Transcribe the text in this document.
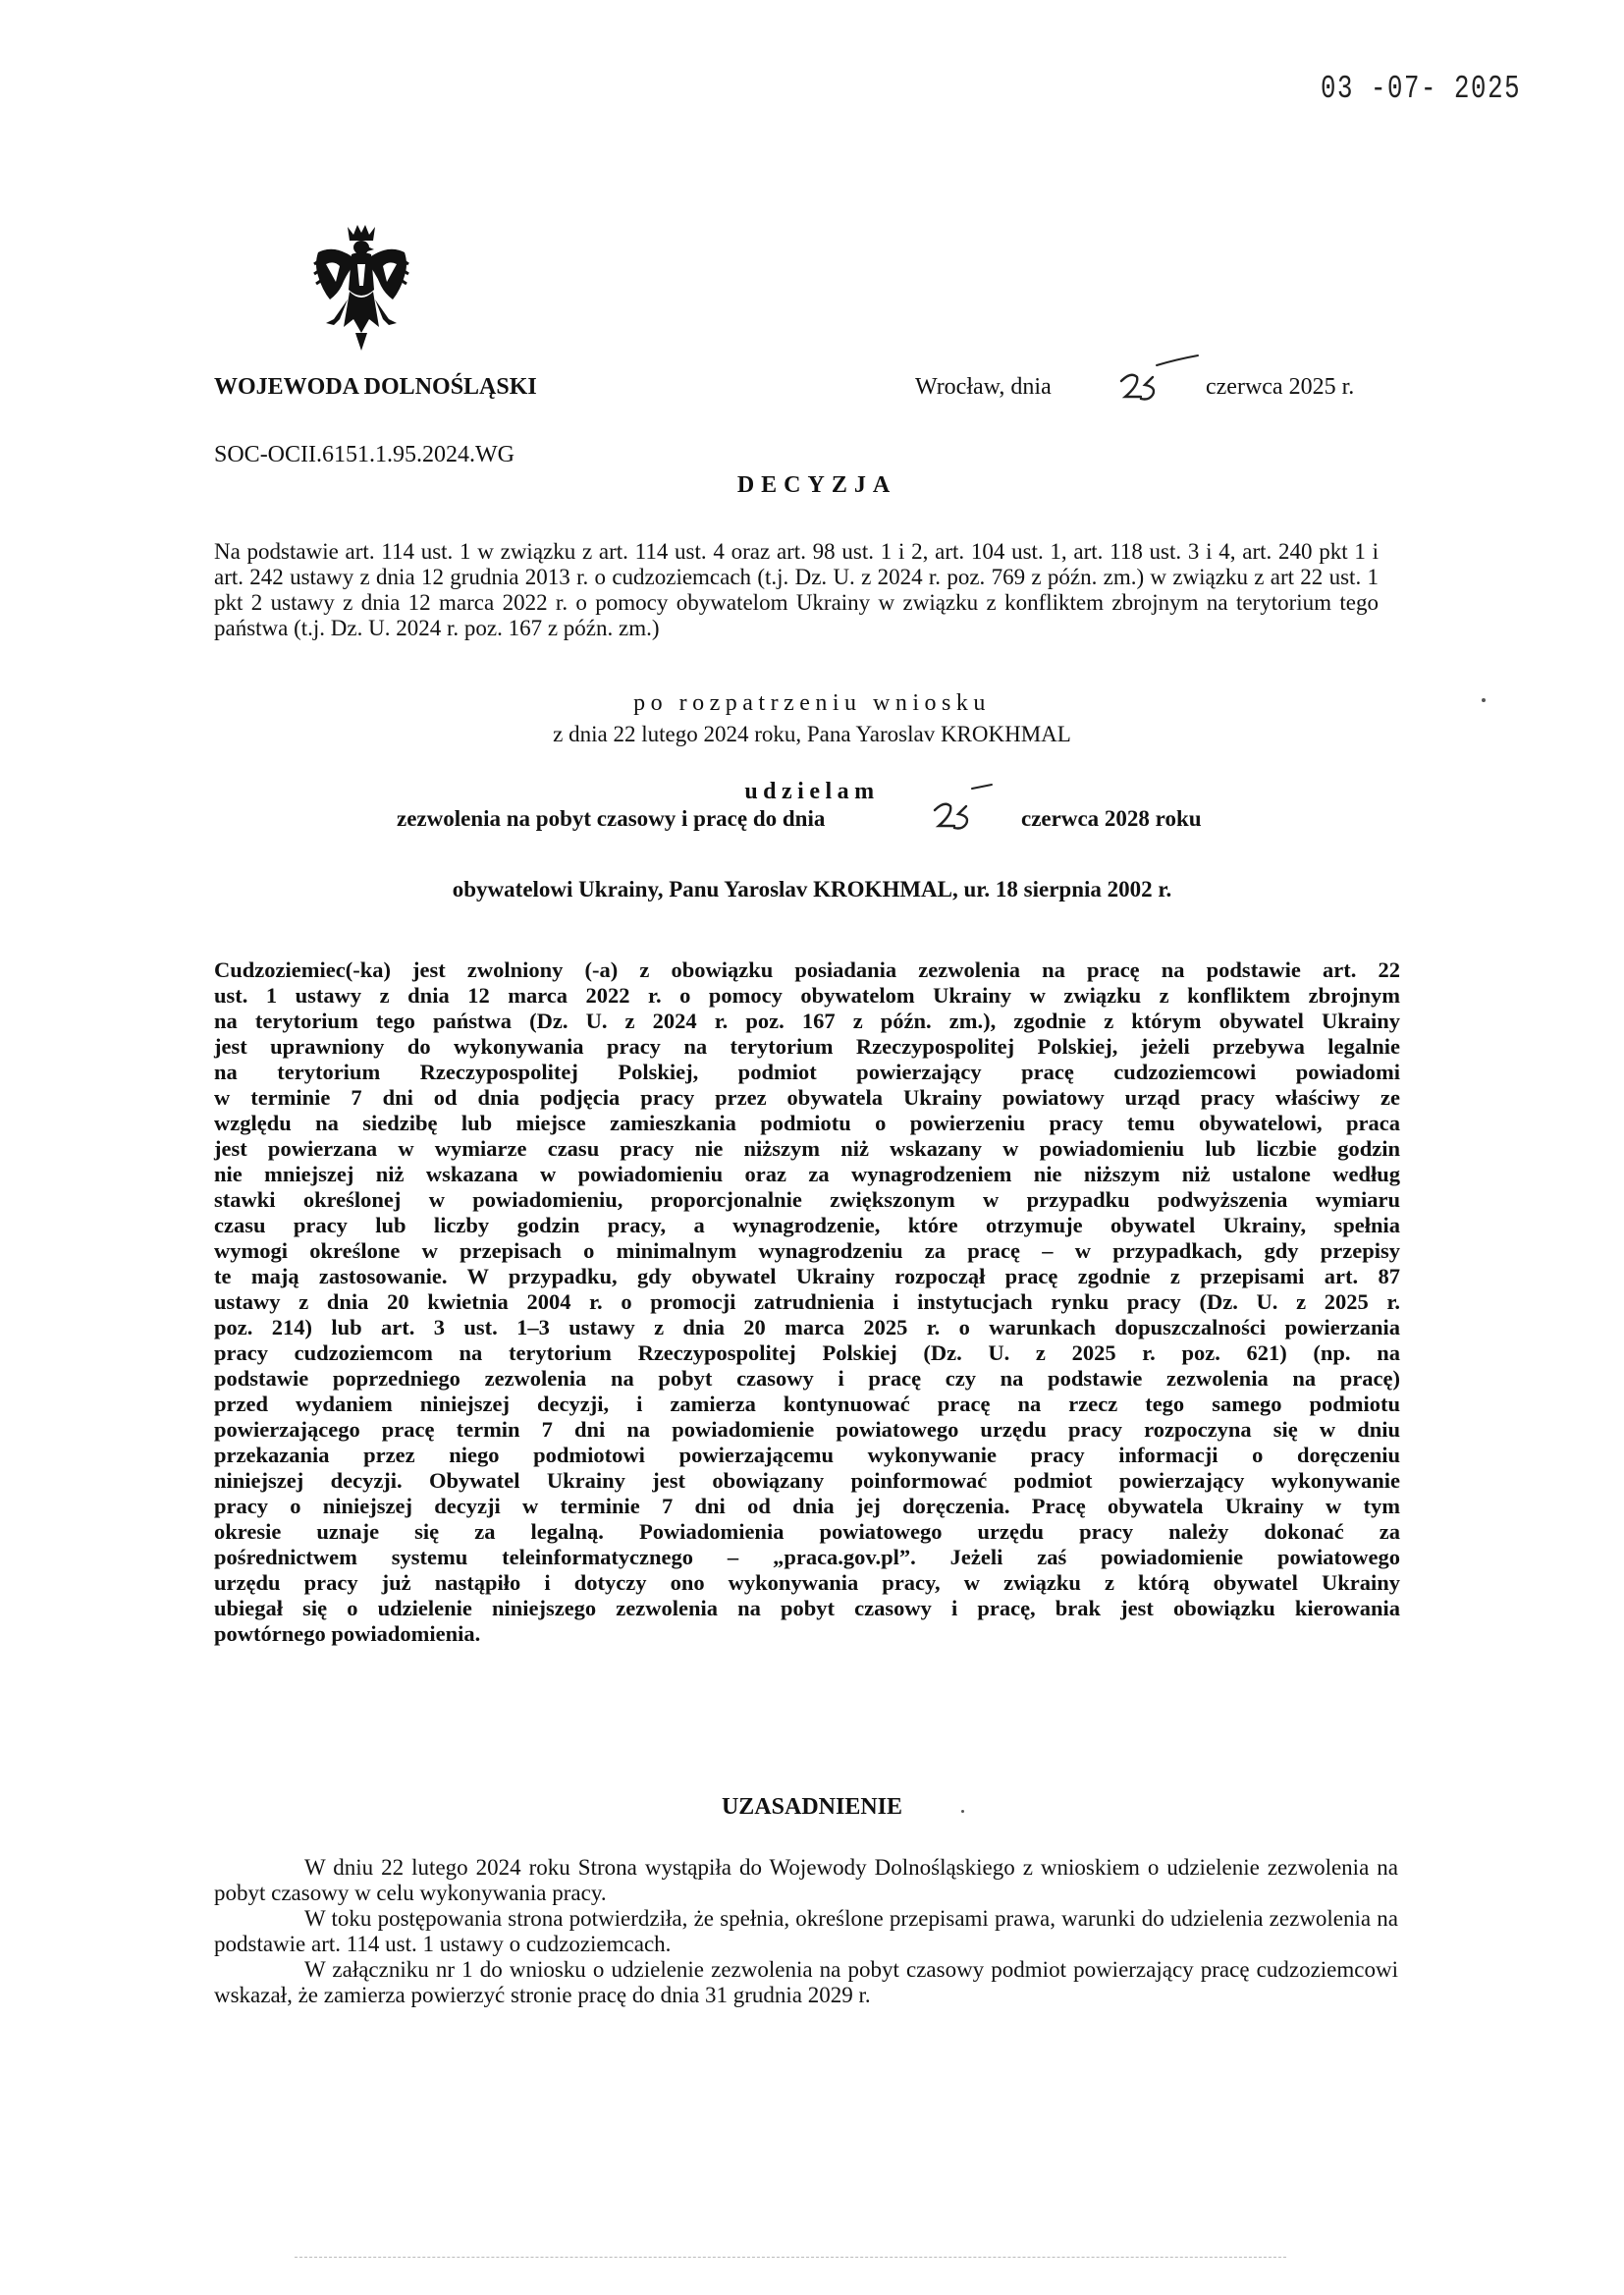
03 -07- 2025
WOJEWODA DOLNOŚLĄSKI	Wrocław, dnia	czerwca 2025 r.
SOC-OCII.6151.1.95.2024.WG
DECYZJA
Na podstawie art. 114 ust. 1 w związku z art. 114 ust. 4 oraz art. 98 ust. 1 i 2, art. 104 ust. 1, art. 118 ust. 3 i 4, art. 240 pkt 1 i art. 242 ustawy z dnia 12 grudnia 2013 r. o cudzoziemcach (t.j. Dz. U. z 2024 r. poz. 769 z późn. zm.) w związku z art 22 ust. 1 pkt 2 ustawy z dnia 12 marca 2022 r. o pomocy obywatelom Ukrainy w związku z konfliktem zbrojnym na terytorium tego państwa (t.j. Dz. U. 2024 r. poz. 167 z późn. zm.)
po rozpatrzeniu wniosku
z dnia 22 lutego 2024 roku, Pana Yaroslav KROKHMAL
udzielam
zezwolenia na pobyt czasowy i pracę do dnia	czerwca 2028 roku
obywatelowi Ukrainy, Panu Yaroslav KROKHMAL, ur. 18 sierpnia 2002 r.
Cudzoziemiec(-ka) jest zwolniony (-a) z obowiązku posiadania zezwolenia na pracę na podstawie art. 22
ust. 1 ustawy z dnia 12 marca 2022 r. o pomocy obywatelom Ukrainy w związku z konfliktem zbrojnym
na terytorium tego państwa (Dz. U. z 2024 r. poz. 167 z późn. zm.), zgodnie z którym obywatel Ukrainy
jest uprawniony do wykonywania pracy na terytorium Rzeczypospolitej Polskiej, jeżeli przebywa legalnie
na terytorium Rzeczypospolitej Polskiej, podmiot powierzający pracę cudzoziemcowi powiadomi
w terminie 7 dni od dnia podjęcia pracy przez obywatela Ukrainy powiatowy urząd pracy właściwy ze
względu na siedzibę lub miejsce zamieszkania podmiotu o powierzeniu pracy temu obywatelowi, praca
jest powierzana w wymiarze czasu pracy nie niższym niż wskazany w powiadomieniu lub liczbie godzin
nie mniejszej niż wskazana w powiadomieniu oraz za wynagrodzeniem nie niższym niż ustalone według
stawki określonej w powiadomieniu, proporcjonalnie zwiększonym w przypadku podwyższenia wymiaru
czasu pracy lub liczby godzin pracy, a wynagrodzenie, które otrzymuje obywatel Ukrainy, spełnia
wymogi określone w przepisach o minimalnym wynagrodzeniu za pracę – w przypadkach, gdy przepisy
te mają zastosowanie. W przypadku, gdy obywatel Ukrainy rozpoczął pracę zgodnie z przepisami art. 87
ustawy z dnia 20 kwietnia 2004 r. o promocji zatrudnienia i instytucjach rynku pracy (Dz. U. z 2025 r.
poz. 214) lub art. 3 ust. 1–3 ustawy z dnia 20 marca 2025 r. o warunkach dopuszczalności powierzania
pracy cudzoziemcom na terytorium Rzeczypospolitej Polskiej (Dz. U. z 2025 r. poz. 621) (np. na
podstawie poprzedniego zezwolenia na pobyt czasowy i pracę czy na podstawie zezwolenia na pracę)
przed wydaniem niniejszej decyzji, i zamierza kontynuować pracę na rzecz tego samego podmiotu
powierzającego pracę termin 7 dni na powiadomienie powiatowego urzędu pracy rozpoczyna się w dniu
przekazania przez niego podmiotowi powierzającemu wykonywanie pracy informacji o doręczeniu
niniejszej decyzji. Obywatel Ukrainy jest obowiązany poinformować podmiot powierzający wykonywanie
pracy o niniejszej decyzji w terminie 7 dni od dnia jej doręczenia. Pracę obywatela Ukrainy w tym
okresie uznaje się za legalną. Powiadomienia powiatowego urzędu pracy należy dokonać za
pośrednictwem systemu teleinformatycznego – „praca.gov.pl”. Jeżeli zaś powiadomienie powiatowego
urzędu pracy już nastąpiło i dotyczy ono wykonywania pracy, w związku z którą obywatel Ukrainy
ubiegał się o udzielenie niniejszego zezwolenia na pobyt czasowy i pracę, brak jest obowiązku kierowania
powtórnego powiadomienia.
UZASADNIENIE

W dniu 22 lutego 2024 roku Strona wystąpiła do Wojewody Dolnośląskiego z wnioskiem o udzielenie zezwolenia na pobyt czasowy w celu wykonywania pracy.

W toku postępowania strona potwierdziła, że spełnia, określone przepisami prawa, warunki do udzielenia zezwolenia na podstawie art. 114 ust. 1 ustawy o cudzoziemcach.

W załączniku nr 1 do wniosku o udzielenie zezwolenia na pobyt czasowy podmiot powierzający pracę cudzoziemcowi wskazał, że zamierza powierzyć stronie pracę do dnia 31 grudnia 2029 r.
